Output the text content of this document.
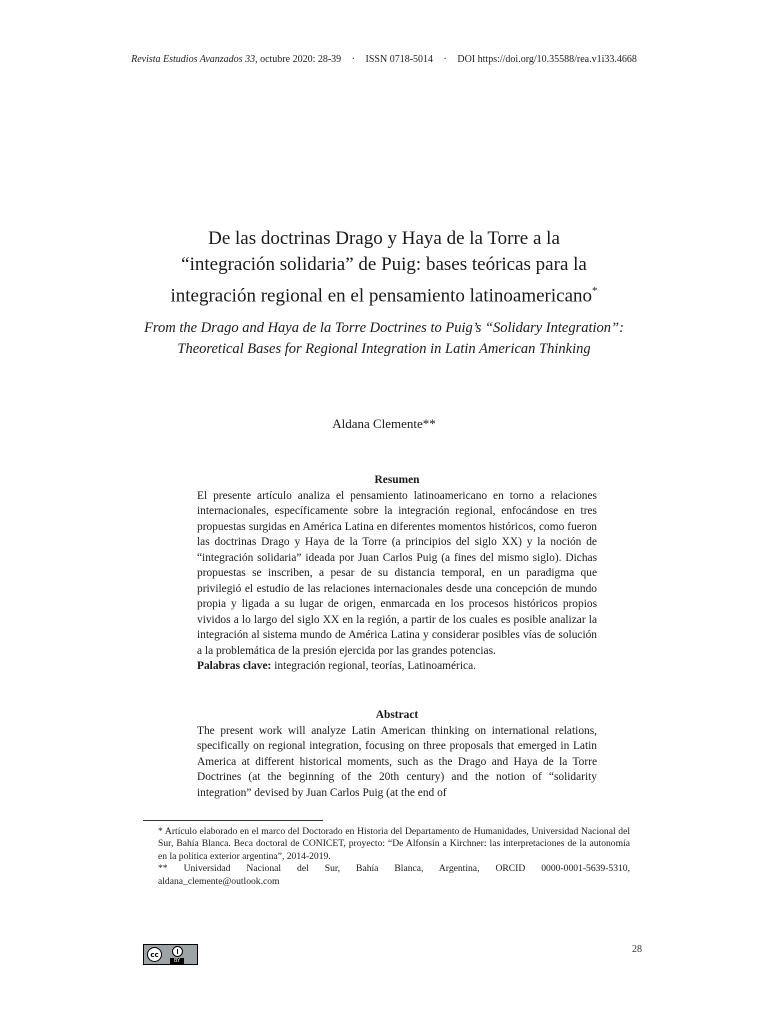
Revista Estudios Avanzados 33, octubre 2020: 28-39 · ISSN 0718-5014 · DOI https://doi.org/10.35588/rea.v1i33.4668
De las doctrinas Drago y Haya de la Torre a la
“integración solidaria” de Puig: bases teóricas para la
integración regional en el pensamiento latinoamericano*
From the Drago and Haya de la Torre Doctrines to Puig’s “Solidary Integration”:
Theoretical Bases for Regional Integration in Latin American Thinking
Aldana Clemente**
Resumen

El presente artículo analiza el pensamiento latinoamericano en torno a relaciones internacionales, específicamente sobre la integración regional, enfocándose en tres propuestas surgidas en América Latina en diferentes momentos históricos, como fueron las doctrinas Drago y Haya de la Torre (a principios del siglo XX) y la noción de “integración solidaria” ideada por Juan Carlos Puig (a fines del mismo siglo). Dichas propuestas se inscriben, a pesar de su distancia temporal, en un paradigma que privilegió el estudio de las relaciones internacionales desde una concepción de mundo propia y ligada a su lugar de origen, enmarcada en los procesos históricos propios vividos a lo largo del siglo XX en la región, a partir de los cuales es posible analizar la integración al sistema mundo de América Latina y considerar posibles vías de solución a la problemática de la presión ejercida por las grandes potencias.

Palabras clave: integración regional, teorías, Latinoamérica.

Abstract

The present work will analyze Latin American thinking on international relations, specifically on regional integration, focusing on three proposals that emerged in Latin America at different historical moments, such as the Drago and Haya de la Torre Doctrines (at the beginning of the 20th century) and the notion of “solidarity integration” devised by Juan Carlos Puig (at the end of

* Artículo elaborado en el marco del Doctorado en Historia del Departamento de Humanidades, Universidad Nacional del Sur, Bahía Blanca. Beca doctoral de CONICET, proyecto: “De Alfonsín a Kirchner: las interpretaciones de la autonomía en la política exterior argentina”, 2014-2019.

** Universidad Nacional del Sur, Bahía Blanca, Argentina, ORCID 0000-0001-5639-5310, aldana_clemente@outlook.com

cc
BY
28
